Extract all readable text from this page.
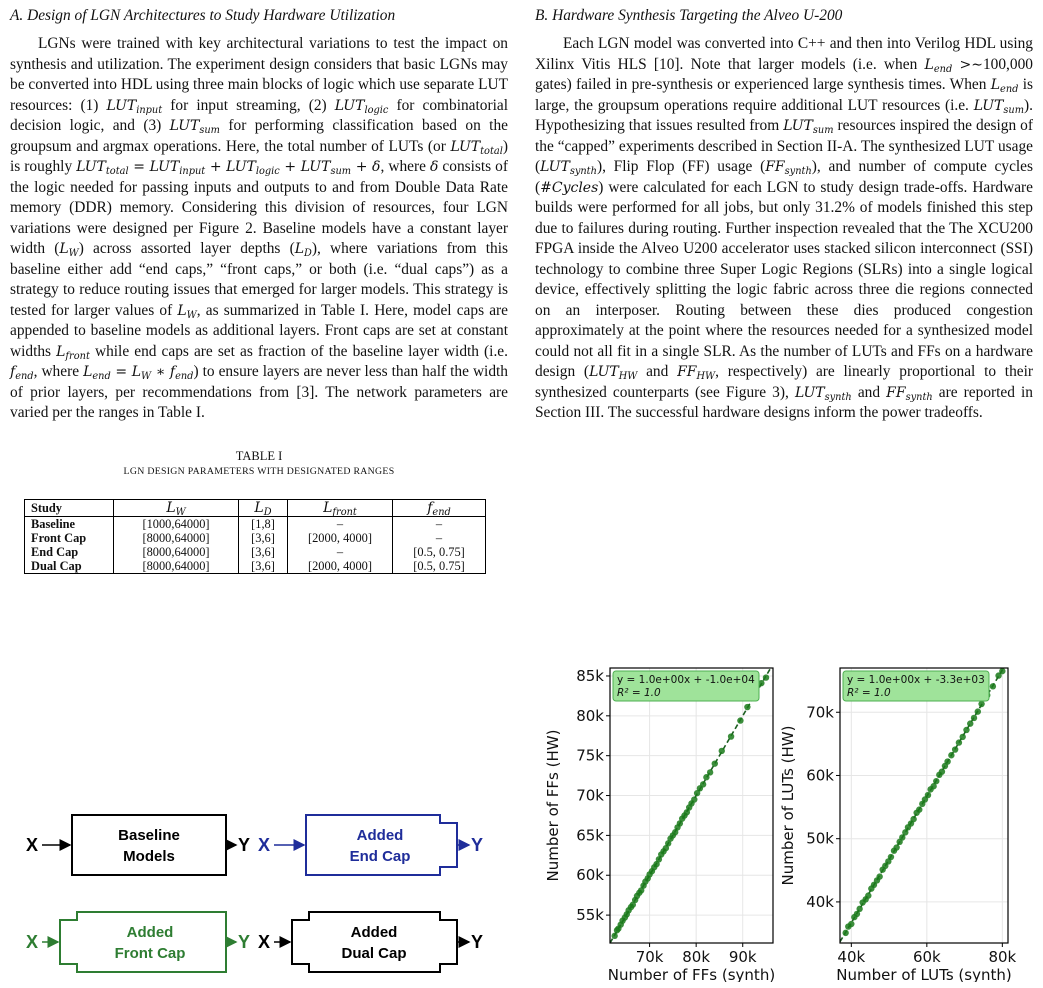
A. Design of LGN Architectures to Study Hardware Utilization

LGNs were trained with key architectural variations to test the impact on synthesis and utilization. The experiment design considers that basic LGNs may be converted into HDL using three main blocks of logic which use separate LUT resources: (1) $LUT_{input}$ for input streaming, (2) $LUT_{logic}$ for combinatorial decision logic, and (3) $LUT_{sum}$ for performing classification based on the groupsum and argmax operations. Here, the total number of LUTs (or $LUT_{total}$) is roughly $LUT_{total} = LUT_{input} + LUT_{logic} + LUT_{sum} + \delta$, where δ consists of the logic needed for passing inputs and outputs to and from Double Data Rate memory (DDR) memory. Considering this division of resources, four LGN variations were designed per Figure 2. Baseline models have a constant layer width $(L_W)$ across assorted layer depths $(L_D)$, where variations from this baseline either add “end caps,” “front caps,” or both (i.e. “dual caps”) as a strategy to reduce routing issues that emerged for larger models. This strategy is tested for larger values of $L_W$, as summarized in Table I. Here, model caps are appended to baseline models as additional layers. Front caps are set at constant widths $L_{front}$ while end caps are set as fraction of the baseline layer width (i.e. $f_{end}$, where $L_{end} = L_W$ ∗ $f_{end}$) to ensure layers are never less than half the width of prior layers, per recommendations from [3]. The network parameters are varied per the ranges in Table I.

B. Hardware Synthesis Targeting the Alveo U-200

Each LGN model was converted into C++ and then into Verilog HDL using Xilinx Vitis HLS [10]. Note that larger models (i.e. when $L_{end}$ >∼100,000 gates) failed in pre-synthesis or experienced large synthesis times. When $L_{end}$ is large, the groupsum operations require additional LUT resources (i.e. $LUT_{sum}$). Hypothesizing that issues resulted from $LUT_{sum}$ resources inspired the design of the “capped” experiments described in Section II-A. The synthesized LUT usage $(LUT_{synth})$, Flip Flop (FF) usage $(FF_{synth})$, and number of compute cycles (#Cycles) were calculated for each LGN to study design trade-offs. Hardware builds were performed for all jobs, but only 31.2% of models finished this step due to failures during routing. Further inspection revealed that the The XCU200 FPGA inside the Alveo U200 accelerator uses stacked silicon interconnect (SSI) technology to combine three Super Logic Regions (SLRs) into a single logical device, effectively splitting the logic fabric across three die regions connected on an interposer. Routing between these dies produced congestion approximately at the point where the resources needed for a synthesized model could not all fit in a single SLR. As the number of LUTs and FFs on a hardware design ($LUT_{HW}$ and $FF_{HW}$, respectively) are linearly proportional to their synthesized counterparts (see Figure 3), $LUT_{synth}$ and $FF_{synth}$ are reported in Section III. The successful hardware designs inform the power tradeoffs.

TABLE I
LGN DESIGN PARAMETERS WITH DESIGNATED RANGES
Study	$L_W$	$L_D$	$L_{front}$	$f_{end}$
Baseline	[1000,64000]	[1,8]	–	–
Front Cap	[8000,64000]	[3,6]	[2000, 4000]	–
End Cap	[8000,64000]	[3,6]	–	[0.5, 0.75]
Dual Cap	[8000,64000]	[3,6]	[2000, 4000]	[0.5, 0.75]
X	Baseline
Models
Y X	Added
End Cap
Y
X	Added
Front Cap
Y X	Added
Dual Cap
Y
70k 80k 90k
55k
60k
65k
70k
75k
80k
85k
Number of FFs (synth)
Number of FFs (HW)
y = 1.0e+00x + -1.0e+04
R² = 1.0
40k	60k	80k
40k
50k
60k
70k
Number of LUTs (synth)
Number of LUTs (HW)
y = 1.0e+00x + -3.3e+03
R² = 1.0
